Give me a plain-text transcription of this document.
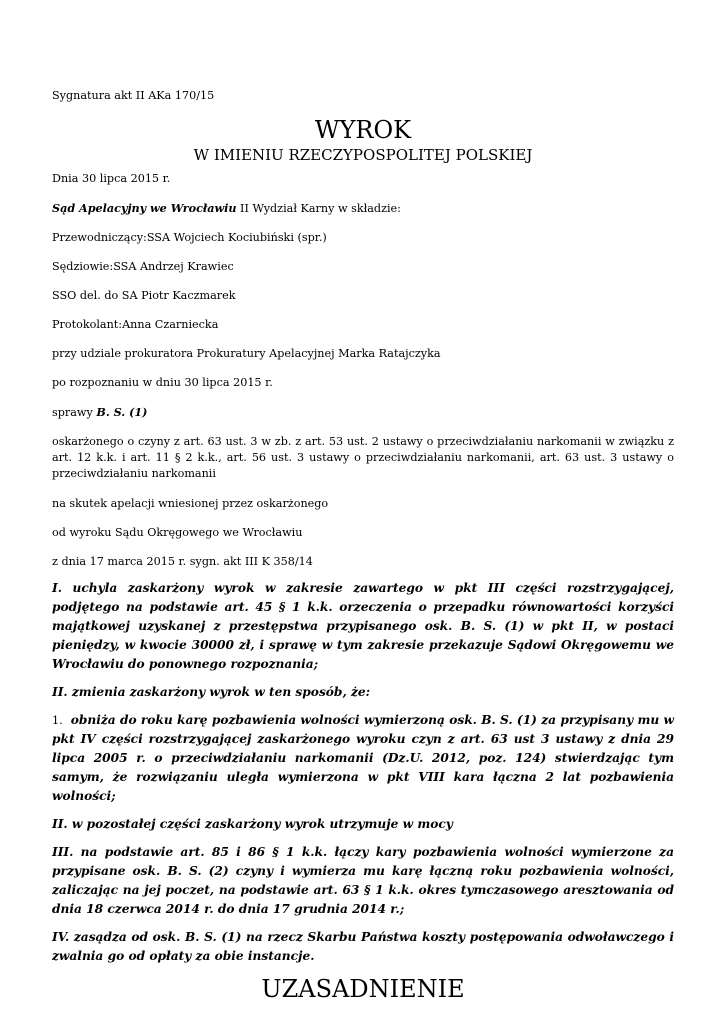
Sygnatura akt II AKa 170/15

WYROK
W IMIENIU RZECZYPOSPOLITEJ POLSKIEJ

Dnia 30 lipca 2015 r.

Sąd Apelacyjny we Wrocławiu II Wydział Karny w składzie:

Przewodniczący:SSA Wojciech Kociubiński (spr.)

Sędziowie:SSA Andrzej Krawiec

SSO del. do SA Piotr Kaczmarek

Protokolant:Anna Czarniecka

przy udziale prokuratora Prokuratury Apelacyjnej Marka Ratajczyka

po rozpoznaniu w dniu 30 lipca 2015 r.

sprawy B. S. (1)

oskarżonego o czyny z art. 63 ust. 3 w zb. z art. 53 ust. 2 ustawy o przeciwdziałaniu narkomanii w związku z art. 12 k.k. i art. 11 § 2 k.k., art. 56 ust. 3 ustawy o przeciwdziałaniu narkomanii, art. 63 ust. 3 ustawy o przeciwdziałaniu narkomanii

na skutek apelacji wniesionej przez oskarżonego

od wyroku Sądu Okręgowego we Wrocławiu

z dnia 17 marca 2015 r. sygn. akt III K 358/14

I. uchyla zaskarżony wyrok w zakresie zawartego w pkt III części rozstrzygającej, podjętego na podstawie art. 45 § 1 k.k. orzeczenia o przepadku równowartości korzyści majątkowej uzyskanej z przestępstwa przypisanego osk. B. S. (1) w pkt II, w postaci pieniędzy, w kwocie 30000 zł, i sprawę w tym zakresie przekazuje Sądowi Okręgowemu we Wrocławiu do ponownego rozpoznania;

II. zmienia zaskarżony wyrok w ten sposób, że:

1. obniża do roku karę pozbawienia wolności wymierzoną osk. B. S. (1) za przypisany mu w pkt IV części rozstrzygającej zaskarżonego wyroku czyn z art. 63 ust 3 ustawy z dnia 29 lipca 2005 r. o przeciwdziałaniu narkomanii (Dz.U. 2012, poz. 124) stwierdzając tym samym, że rozwiązaniu uległa wymierzona w pkt VIII kara łączna 2 lat pozbawienia wolności;

II. w pozostałej części zaskarżony wyrok utrzymuje w mocy

III. na podstawie art. 85 i 86 § 1 k.k. łączy kary pozbawienia wolności wymierzone za przypisane osk. B. S. (2) czyny i wymierza mu karę łączną roku pozbawienia wolności, zaliczając na jej poczet, na podstawie art. 63 § 1 k.k. okres tymczasowego aresztowania od dnia 18 czerwca 2014 r. do dnia 17 grudnia 2014 r.;

IV. zasądza od osk. B. S. (1) na rzecz Skarbu Państwa koszty postępowania odwoławczego i zwalnia go od opłaty za obie instancje.

UZASADNIENIE
